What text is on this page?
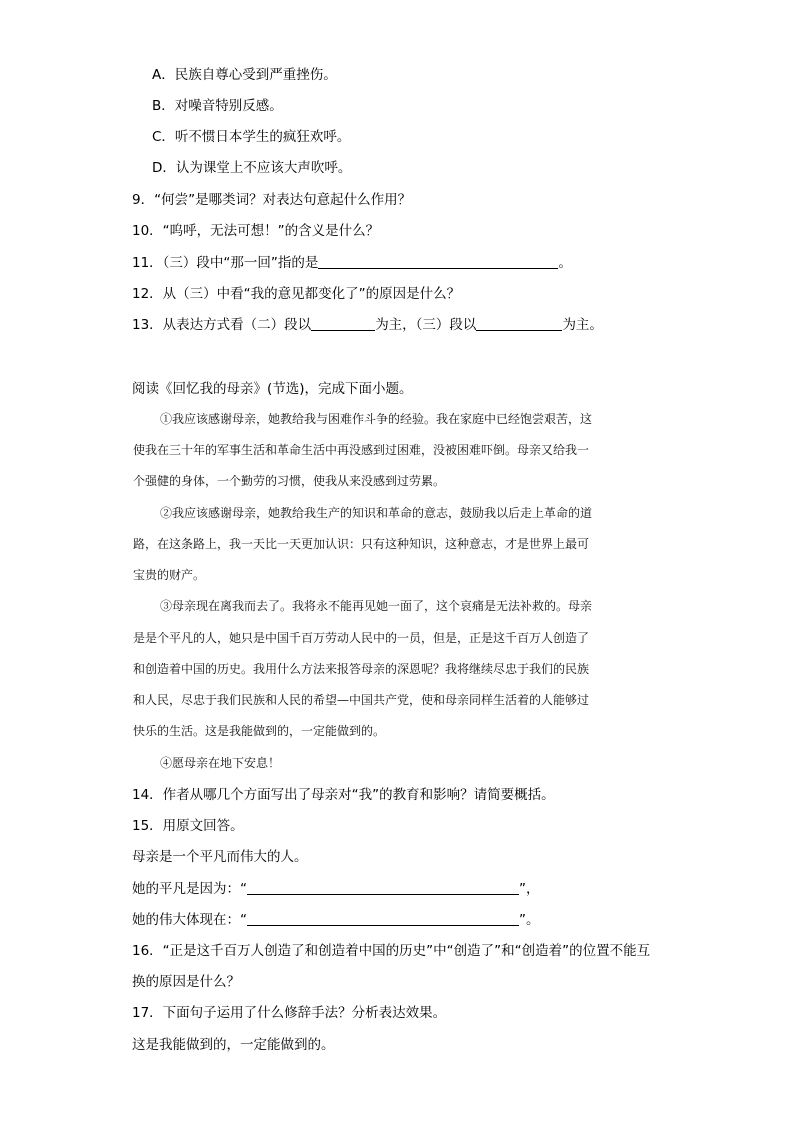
A．民族自尊心受到严重挫伤。
B．对噪音特别反感。
C．听不惯日本学生的疯狂欢呼。
D．认为课堂上不应该大声吹呼。
9．“何尝”是哪类词？对表达句意起什么作用？
10．“呜呼，无法可想！”的含义是什么？
11．（三）段中“那一回”指的是	。
12．从（三）中看“我的意见都变化了”的原因是什么？
13．从表达方式看（二）段以	为主，（三）段以	为主。
阅读《回忆我的母亲》(节选)，完成下面小题。
①我应该感谢母亲，她教给我与困难作斗争的经验。我在家庭中已经饱尝艰苦，这
使我在三十年的军事生活和革命生活中再没感到过困难，没被困难吓倒。母亲又给我一
个强健的身体，一个勤劳的习惯，使我从来没感到过劳累。
②我应该感谢母亲，她教给我生产的知识和革命的意志，鼓励我以后走上革命的道
路，在这条路上，我一天比一天更加认识：只有这种知识，这种意志，才是世界上最可
宝贵的财产。
③母亲现在离我而去了。我将永不能再见她一面了，这个哀痛是无法补救的。母亲
是是个平凡的人，她只是中国千百万劳动人民中的一员，但是，正是这千百万人创造了
和创造着中国的历史。我用什么方法来报答母亲的深恩呢？我将继续尽忠于我们的民族
和人民，尽忠于我们民族和人民的希望—中国共产党，使和母亲同样生活着的人能够过
快乐的生活。这是我能做到的，一定能做到的。
④愿母亲在地下安息！
14．作者从哪几个方面写出了母亲对“我”的教育和影响？请简要概括。
15．用原文回答。
母亲是一个平凡而伟大的人。
她的平凡是因为：“	”，
她的伟大体现在：“	”。
16．“正是这千百万人创造了和创造着中国的历史”中“创造了”和“创造着”的位置不能互
换的原因是什么？
17．下面句子运用了什么修辞手法？分析表达效果。
这是我能做到的，一定能做到的。
